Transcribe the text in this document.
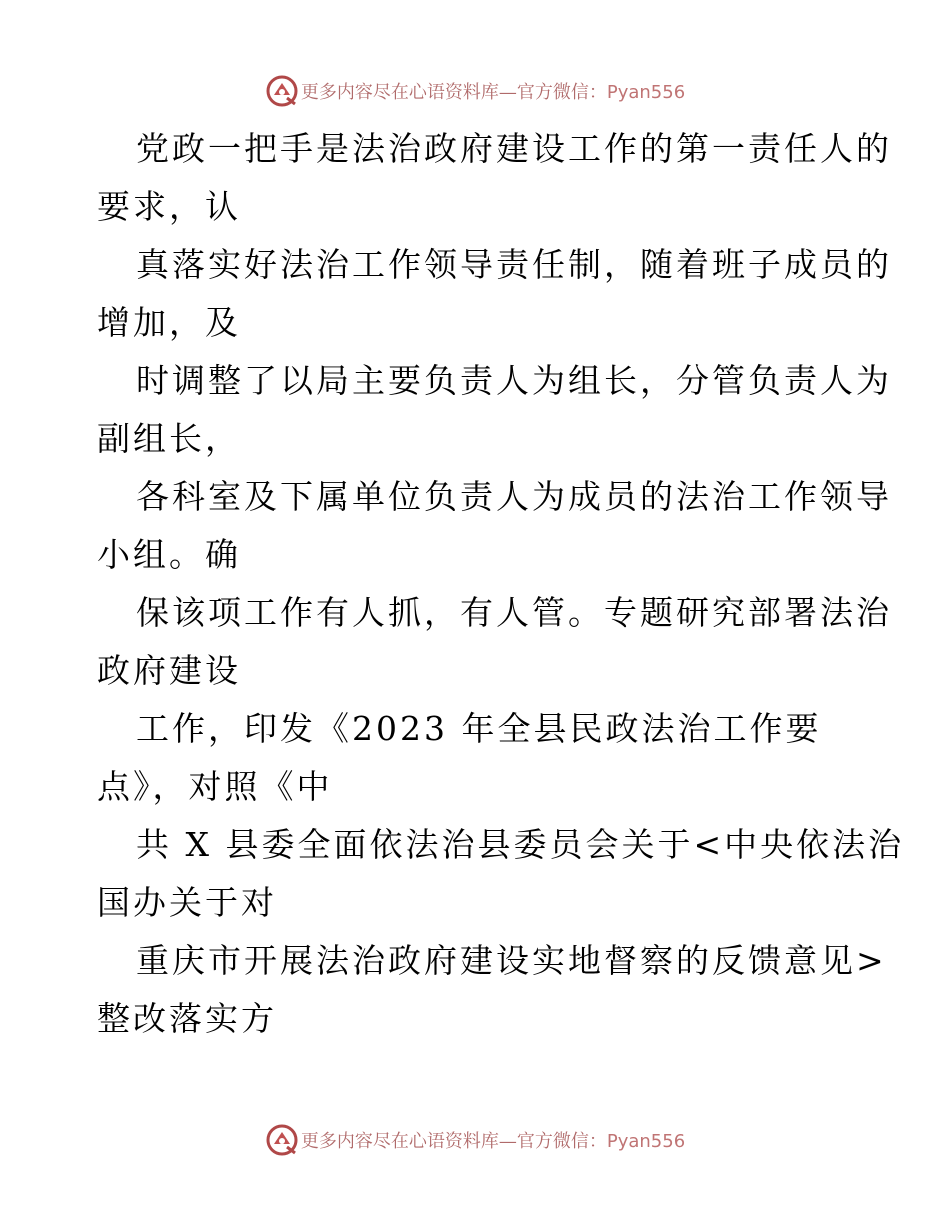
更多内容尽在心语资料库—官方微信：Pyan556
党政一把手是法治政府建设工作的第一责任人的
要求，认
真落实好法治工作领导责任制，随着班子成员的
增加，及
时调整了以局主要负责人为组长，分管负责人为
副组长，
各科室及下属单位负责人为成员的法治工作领导
小组。确
保该项工作有人抓，有人管。专题研究部署法治
政府建设
工作，印发《2023 年全县民政法治工作要
点》，对照《中
共 X 县委全面依法治县委员会关于<中央依法治
国办关于对
重庆市开展法治政府建设实地督察的反馈意见>
整改落实方
更多内容尽在心语资料库—官方微信：Pyan556
